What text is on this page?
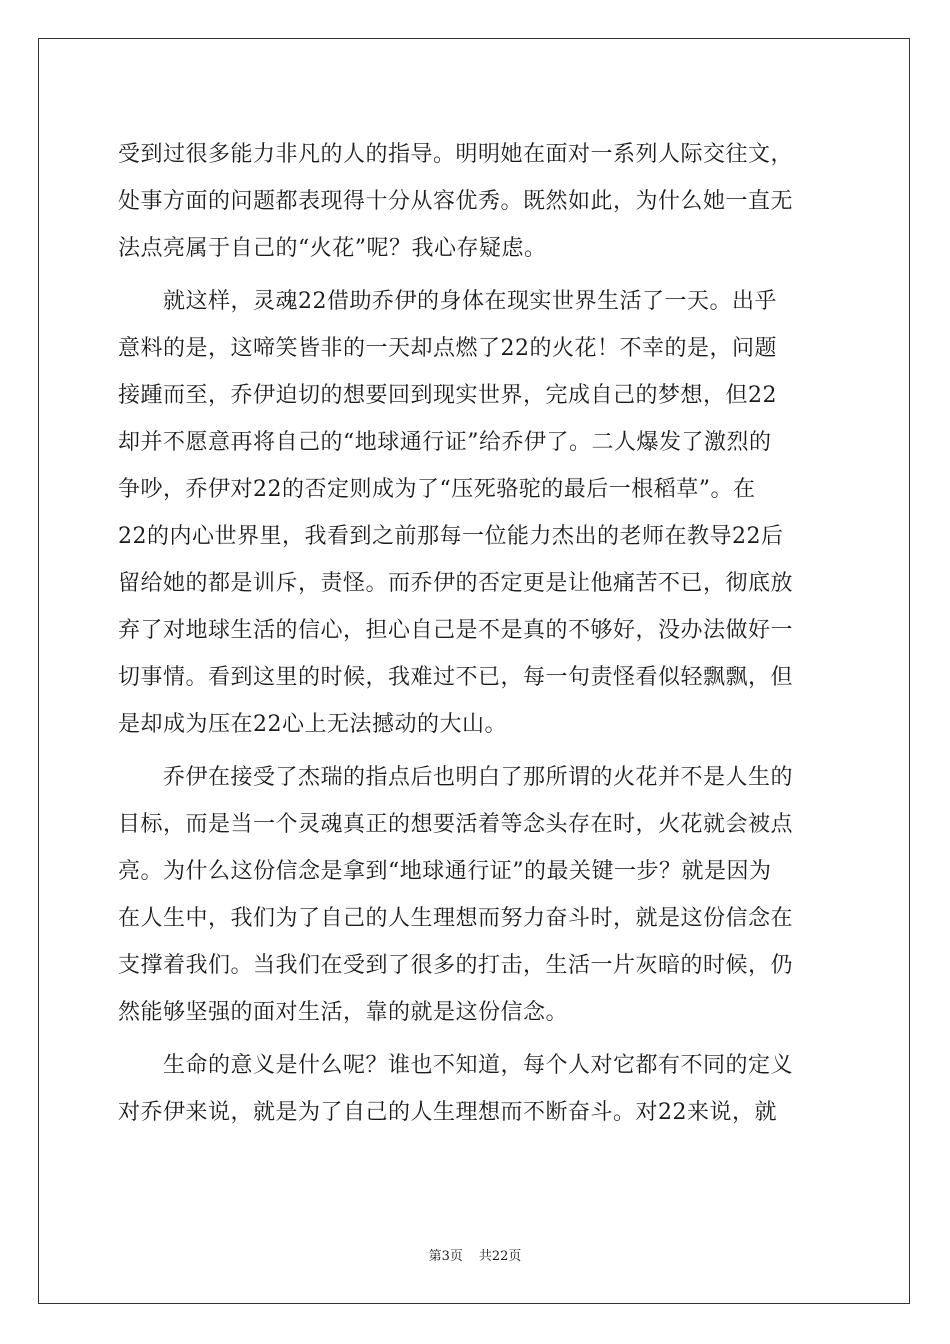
受到过很多能力非凡的人的指导。明明她在面对一系列人际交往文，
处事方面的问题都表现得十分从容优秀。既然如此，为什么她一直无
法点亮属于自己的“火花”呢？我心存疑虑。
　　就这样，灵魂22借助乔伊的身体在现实世界生活了一天。出乎
意料的是，这啼笑皆非的一天却点燃了22的火花！不幸的是，问题
接踵而至，乔伊迫切的想要回到现实世界，完成自己的梦想，但22
却并不愿意再将自己的“地球通行证”给乔伊了。二人爆发了激烈的
争吵，乔伊对22的否定则成为了“压死骆驼的最后一根稻草”。在
22的内心世界里，我看到之前那每一位能力杰出的老师在教导22后
留给她的都是训斥，责怪。而乔伊的否定更是让他痛苦不已，彻底放
弃了对地球生活的信心，担心自己是不是真的不够好，没办法做好一
切事情。看到这里的时候，我难过不已，每一句责怪看似轻飘飘，但
是却成为压在22心上无法撼动的大山。
　　乔伊在接受了杰瑞的指点后也明白了那所谓的火花并不是人生的
目标，而是当一个灵魂真正的想要活着等念头存在时，火花就会被点
亮。为什么这份信念是拿到“地球通行证”的最关键一步？就是因为
在人生中，我们为了自己的人生理想而努力奋斗时，就是这份信念在
支撑着我们。当我们在受到了很多的打击，生活一片灰暗的时候，仍
然能够坚强的面对生活，靠的就是这份信念。
　　生命的意义是什么呢？谁也不知道，每个人对它都有不同的定义
对乔伊来说，就是为了自己的人生理想而不断奋斗。对22来说，就
第3页 共22页
